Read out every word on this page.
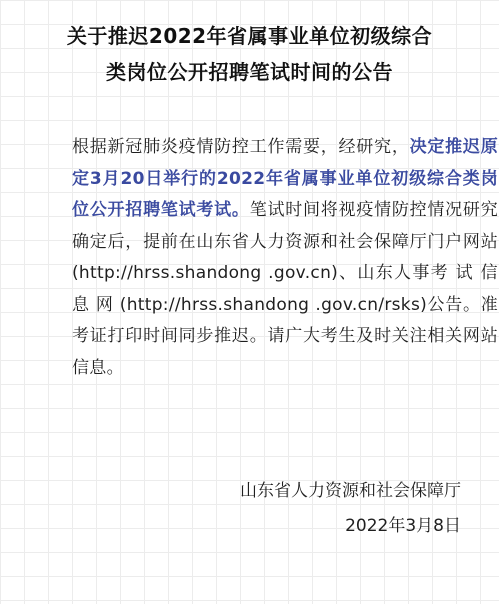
关于推迟2022年省属事业单位初级综合
类岗位公开招聘笔试时间的公告
根据新冠肺炎疫情防控工作需要，经研究，决定推迟原定3月20日举行的2022年省属事业单位初级综合类岗位公开招聘笔试考试。笔试时间将视疫情防控情况研究确定后，提前在山东省人力资源和社会保障厅门户网站(http://hrss.shandong .gov.cn)、山东人事考 试 信 息 网 (http://hrss.shandong .gov.cn/rsks)公告。准考证打印时间同步推迟。请广大考生及时关注相关网站信息。
山东省人力资源和社会保障厅
2022年3月8日
